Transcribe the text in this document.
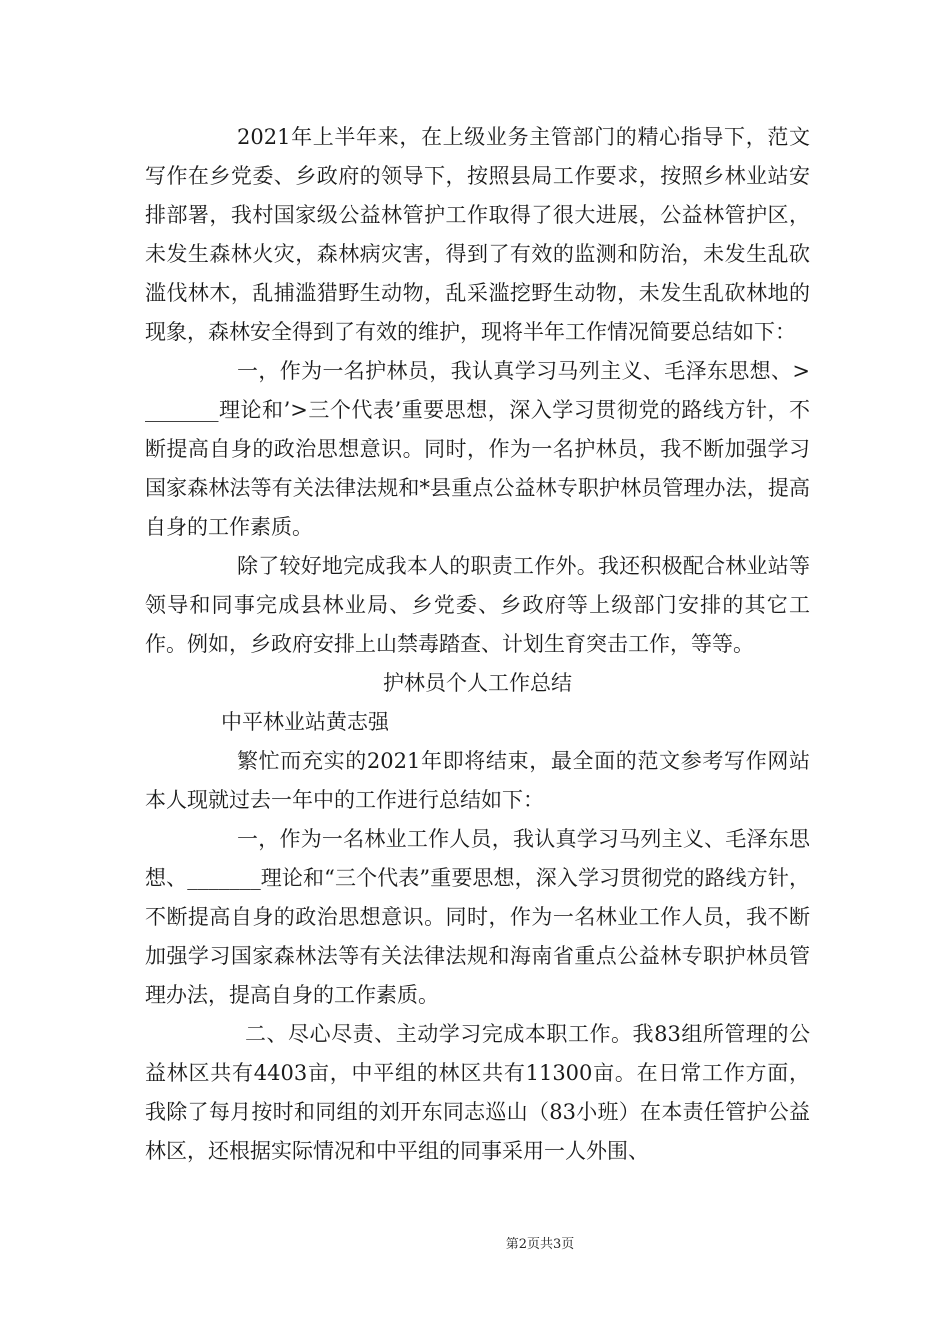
2021年上半年来，在上级业务主管部门的精心指导下，范文写作在乡党委、乡政府的领导下，按照县局工作要求，按照乡林业站安排部署，我村国家级公益林管护工作取得了很大进展，公益林管护区，未发生森林火灾，森林病灾害，得到了有效的监测和防治，未发生乱砍滥伐林木，乱捕滥猎野生动物，乱采滥挖野生动物，未发生乱砍林地的现象，森林安全得到了有效的维护，现将半年工作情况简要总结如下：

一，作为一名护林员，我认真学习马列主义、毛泽东思想、>_______理论和’>三个代表’重要思想，深入学习贯彻党的路线方针，不断提高自身的政治思想意识。同时，作为一名护林员，我不断加强学习国家森林法等有关法律法规和*县重点公益林专职护林员管理办法，提高自身的工作素质。

除了较好地完成我本人的职责工作外。我还积极配合林业站等领导和同事完成县林业局、乡党委、乡政府等上级部门安排的其它工作。例如，乡政府安排上山禁毒踏查、计划生育突击工作，等等。

护林员个人工作总结

中平林业站黄志强

繁忙而充实的2021年即将结束，最全面的范文参考写作网站本人现就过去一年中的工作进行总结如下：

一，作为一名林业工作人员，我认真学习马列主义、毛泽东思想、_______理论和“三个代表”重要思想，深入学习贯彻党的路线方针，不断提高自身的政治思想意识。同时，作为一名林业工作人员，我不断加强学习国家森林法等有关法律法规和海南省重点公益林专职护林员管理办法，提高自身的工作素质。

二、尽心尽责、主动学习完成本职工作。我83组所管理的公益林区共有4403亩，中平组的林区共有11300亩。在日常工作方面，我除了每月按时和同组的刘开东同志巡山（83小班）在本责任管护公益林区，还根据实际情况和中平组的同事采用一人外围、

第2页共3页
